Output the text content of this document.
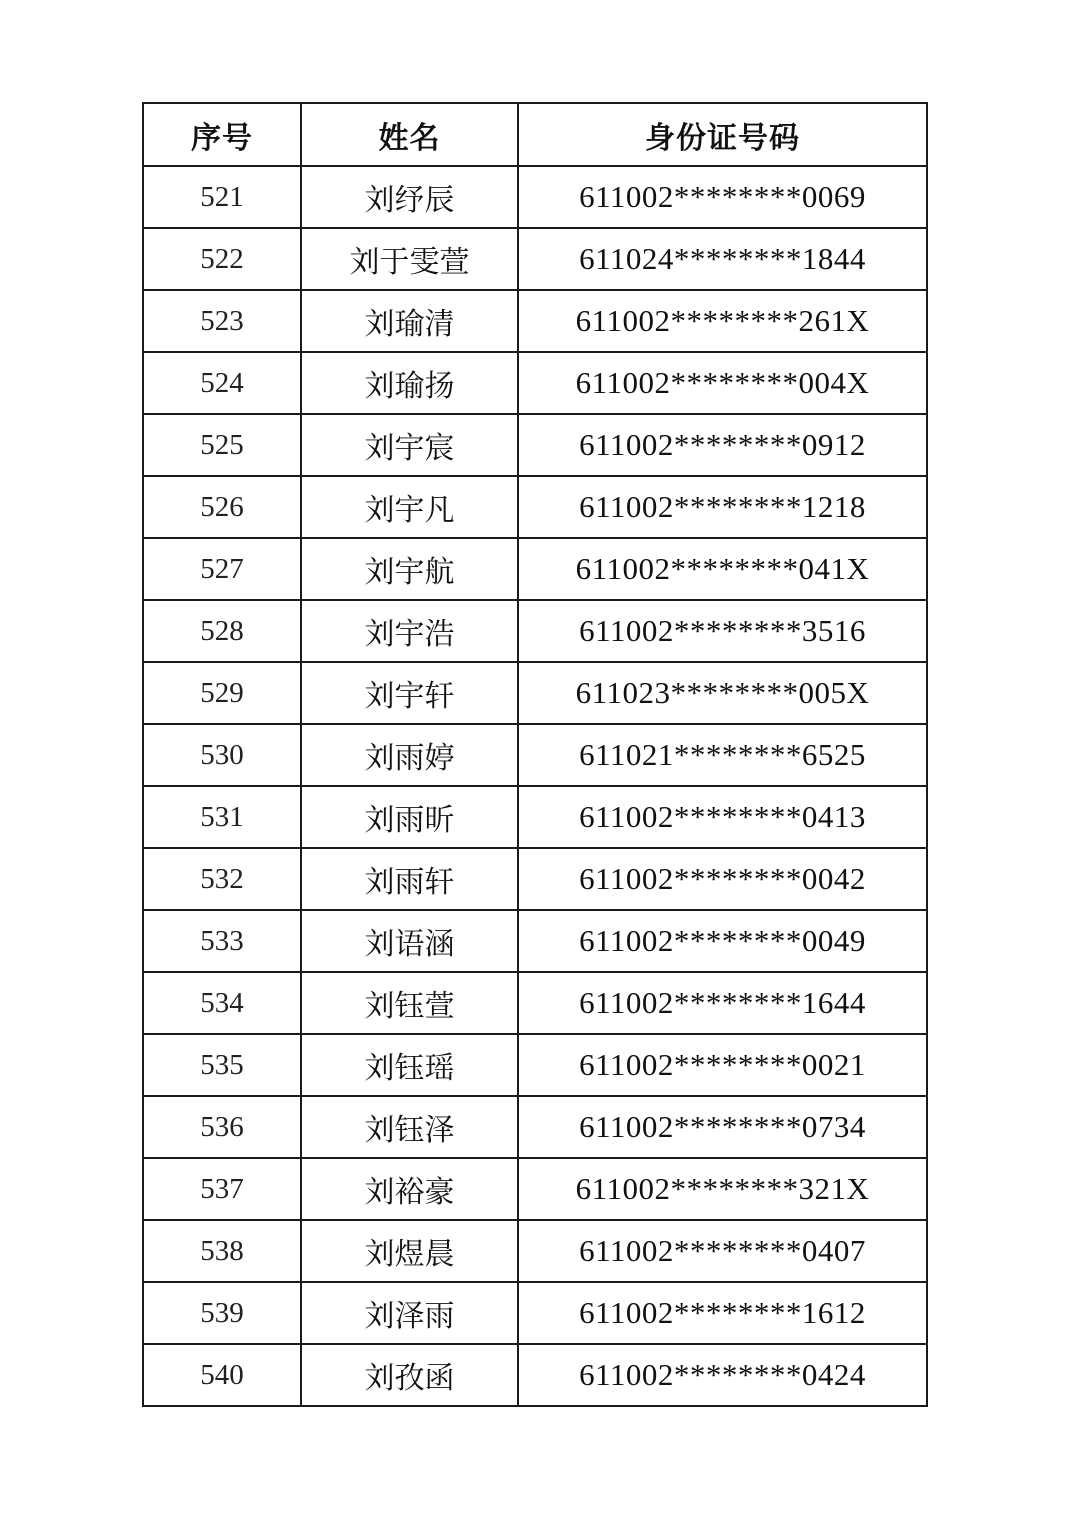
序号	姓名	身份证号码
521	刘纾辰	611002********0069
522	刘于雯萱	611024********1844
523	刘瑜清	611002********261X
524	刘瑜扬	611002********004X
525	刘宇宸	611002********0912
526	刘宇凡	611002********1218
527	刘宇航	611002********041X
528	刘宇浩	611002********3516
529	刘宇轩	611023********005X
530	刘雨婷	611021********6525
531	刘雨昕	611002********0413
532	刘雨轩	611002********0042
533	刘语涵	611002********0049
534	刘钰萱	611002********1644
535	刘钰瑶	611002********0021
536	刘钰泽	611002********0734
537	刘裕豪	611002********321X
538	刘煜晨	611002********0407
539	刘泽雨	611002********1612
540	刘孜函	611002********0424
